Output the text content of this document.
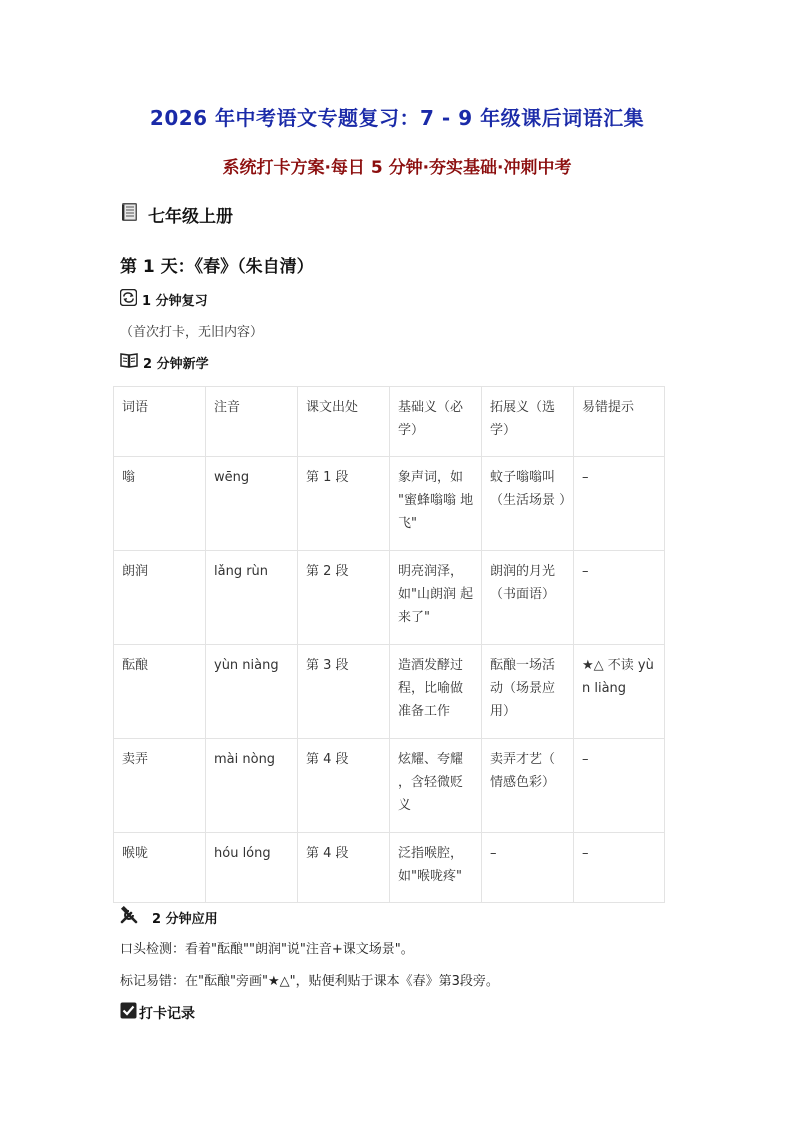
2026 年中考语文专题复习：7 - 9 年级课后词语汇集
系统打卡方案·每日 5 分钟·夯实基础·冲刺中考
七年级上册
第 1 天：《春》（朱自清）
1 分钟复习
（首次打卡，无旧内容）
2 分钟新学
词语	注音	课文出处	基础义（必学）	拓展义（选学）	易错提示
嗡	wēng	第 1 段	象声词，如 "蜜蜂嗡嗡 地飞"	蚊子嗡嗡叫 （生活场景 ）	–
朗润	lǎng rùn	第 2 段	明亮润泽，如"山朗润 起来了"	朗润的月光 （书面语）	–
酝酿	yùn niàng	第 3 段	造酒发酵过程，比喻做准备工作	酝酿一场活 动（场景应 用）	★△ 不读 yùn liàng
卖弄	mài nòng	第 4 段	炫耀、夸耀 ，含轻微贬 义	卖弄才艺（ 情感色彩）	–
喉咙	hóu lóng	第 4 段	泛指喉腔，如"喉咙疼"	–	–
2 分钟应用
口头检测：看着"酝酿""朗润"说"注音+课文场景"。
标记易错：在"酝酿"旁画"★△"，贴便利贴于课本《春》第3段旁。
打卡记录
